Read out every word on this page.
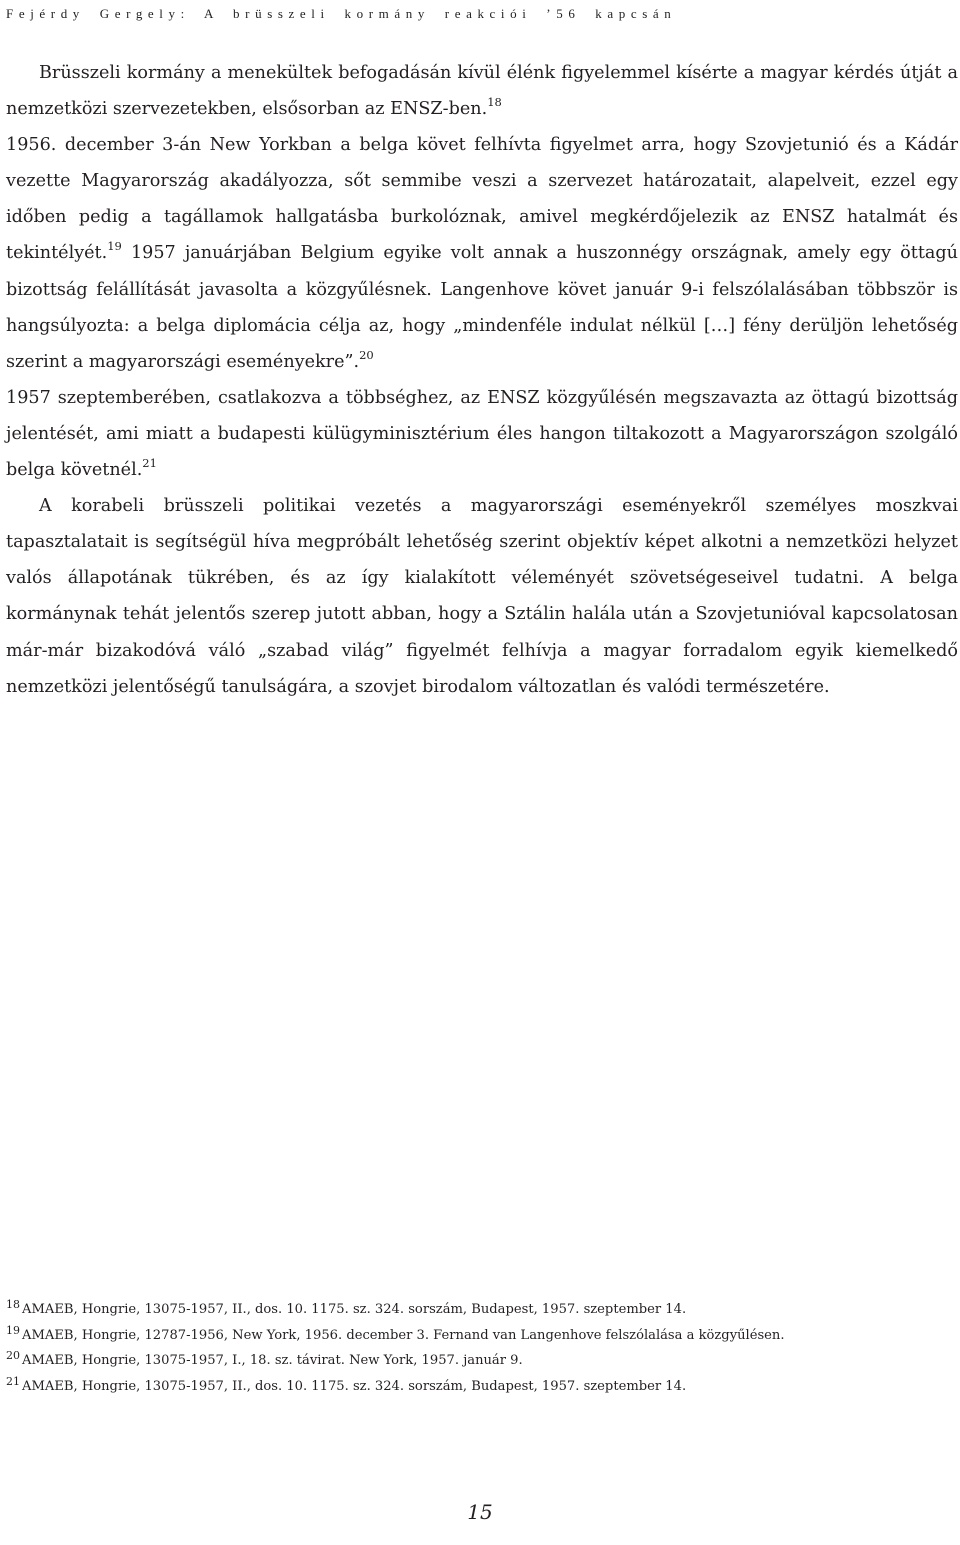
Fejérdy Gergely: A brüsszeli kormány reakciói ’56 kapcsán

Brüsszeli kormány a menekültek befogadásán kívül élénk figyelemmel kísérte a magyar kérdés útját a nemzetközi szervezetekben, elsősorban az ENSZ-ben.$^{18}$

1956. december 3-án New Yorkban a belga követ felhívta figyelmet arra, hogy Szovjetunió és a Kádár vezette Magyarország akadályozza, sőt semmibe veszi a szervezet határozatait, alapelveit, ezzel egy időben pedig a tagállamok hallgatásba burkolóznak, amivel megkérdőjelezik az ENSZ hatalmát és tekintélyét.$^{19}$ 1957 januárjában Belgium egyike volt annak a huszonnégy országnak, amely egy öttagú bizottság felállítását javasolta a közgyűlésnek. Langenhove követ január 9-i felszólalásában többször is hangsúlyozta: a belga diplomácia célja az, hogy „mindenféle indulat nélkül […] fény derüljön lehetőség szerint a magyarországi eseményekre”.$^{20}$

1957 szeptemberében, csatlakozva a többséghez, az ENSZ közgyűlésén megszavazta az öttagú bizottság jelentését, ami miatt a budapesti külügyminisztérium éles hangon tiltakozott a Magyarországon szolgáló belga követnél.$^{21}$

A korabeli brüsszeli politikai vezetés a magyarországi eseményekről személyes moszkvai tapasztalatait is segítségül híva megpróbált lehetőség szerint objektív képet alkotni a nemzetközi helyzet valós állapotának tükrében, és az így kialakított véleményét szövetségeseivel tudatni. A belga kormánynak tehát jelentős szerep jutott abban, hogy a Sztálin halála után a Szovjetunióval kapcsolatosan már-már bizakodóvá váló „szabad világ” figyelmét felhívja a magyar forradalom egyik kiemelkedő nemzetközi jelentőségű tanulságára, a szovjet birodalom változatlan és valódi természetére.

$^{18}$ AMAEB, Hongrie, 13075-1957, II., dos. 10. 1175. sz. 324. sorszám, Budapest, 1957. szeptember 14.

$^{19}$ AMAEB, Hongrie, 12787-1956, New York, 1956. december 3. Fernand van Langenhove felszólalása a közgyűlésen.

$^{20}$ AMAEB, Hongrie, 13075-1957, I., 18. sz. távirat. New York, 1957. január 9.

$^{21}$ AMAEB, Hongrie, 13075-1957, II., dos. 10. 1175. sz. 324. sorszám, Budapest, 1957. szeptember 14.

15
